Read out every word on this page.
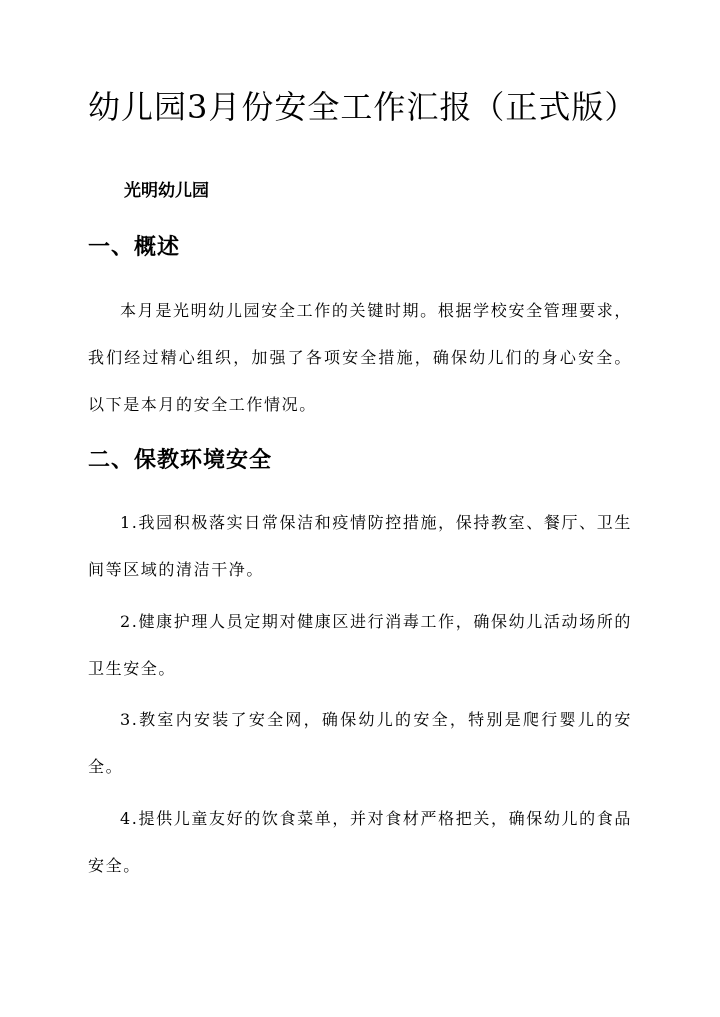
幼儿园3月份安全工作汇报（正式版）

光明幼儿园

一、概述

本月是光明幼儿园安全工作的关键时期。根据学校安全管理要求，我们经过精心组织，加强了各项安全措施，确保幼儿们的身心安全。以下是本月的安全工作情况。

二、保教环境安全

1.我园积极落实日常保洁和疫情防控措施，保持教室、餐厅、卫生间等区域的清洁干净。

2.健康护理人员定期对健康区进行消毒工作，确保幼儿活动场所的卫生安全。

3.教室内安装了安全网，确保幼儿的安全，特别是爬行婴儿的安全。

4.提供儿童友好的饮食菜单，并对食材严格把关，确保幼儿的食品安全。
